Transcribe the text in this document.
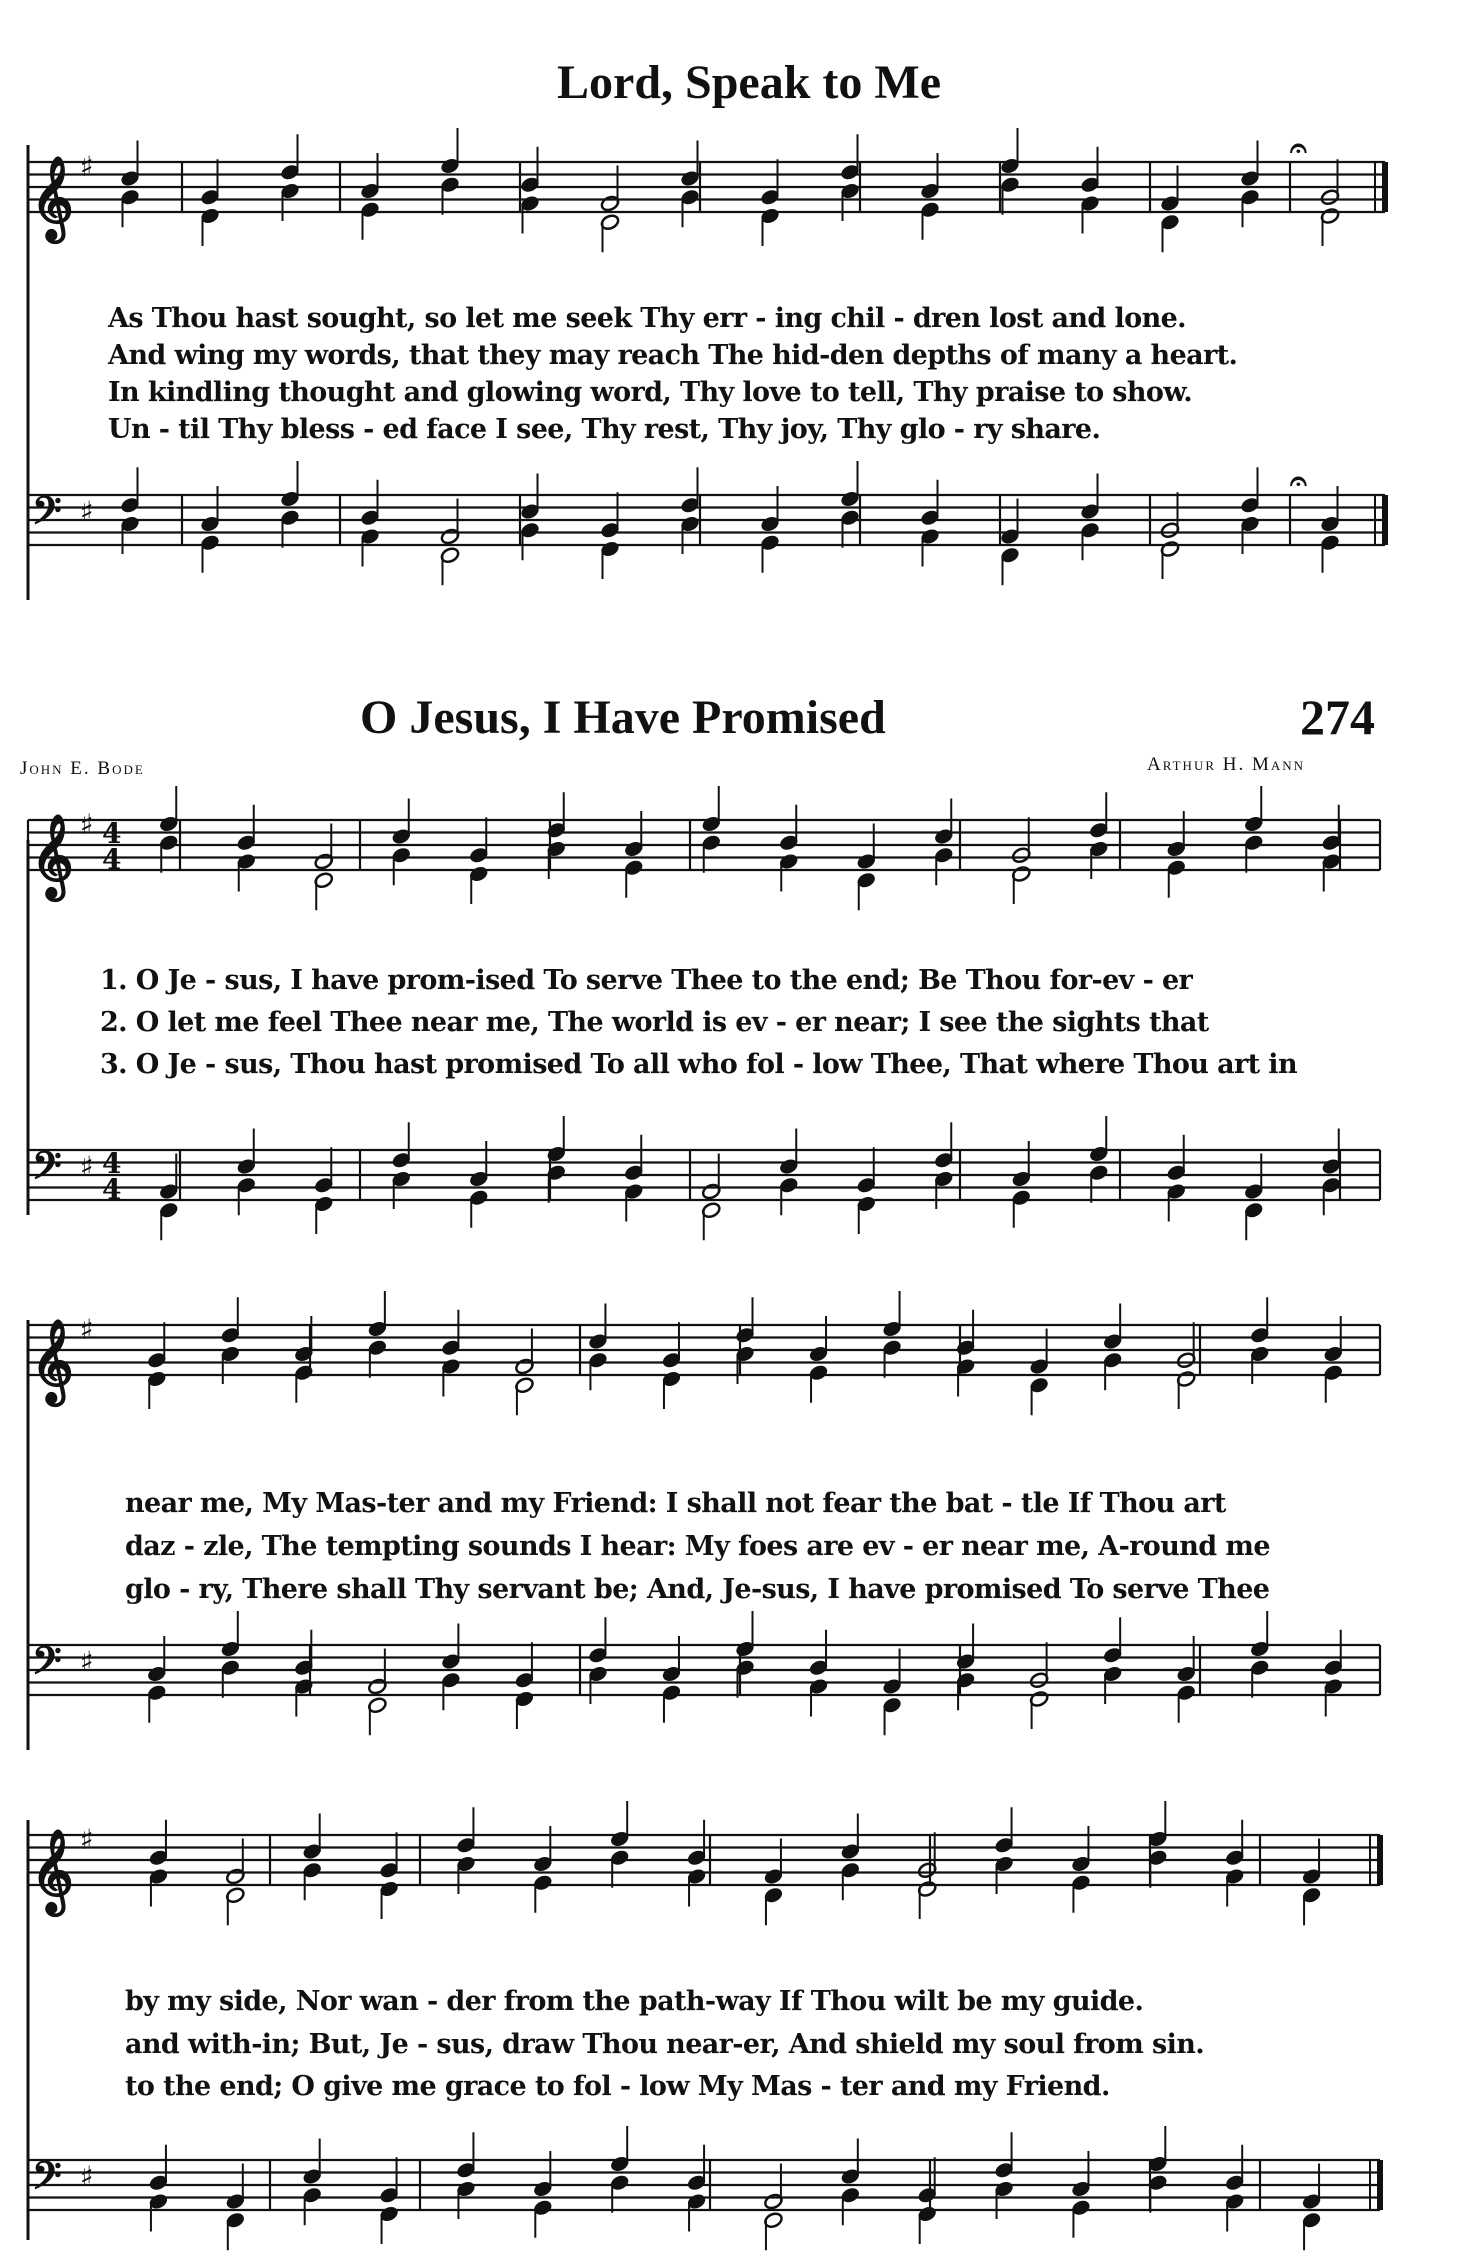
Lord, Speak to Me
𝄞 ♯
𝄢 ♯
𝄞 ♯ 4
4
𝄢 ♯ 4
4
𝄞 ♯
𝄢 ♯
𝄞 ♯
𝄢 ♯
𝄐
𝄐
As Thou hast sought, so let me seek Thy err - ing chil - dren lost and lone.
And wing my words, that they may reach The hid-den depths of many a heart.
In kindling thought and glowing word, Thy love to tell, Thy praise to show.
Un - til Thy bless - ed face I see, Thy rest, Thy joy, Thy glo - ry share.
O Jesus, I Have Promised	274
John E. Bode	Arthur H. Mann
1. O Je - sus, I have prom-ised To serve Thee to the end; Be Thou for-ev - er
2. O let me feel Thee near me, The world is ev - er near; I see the sights that
3. O Je - sus, Thou hast promised To all who fol - low Thee, That where Thou art in
near me, My Mas-ter and my Friend: I shall not fear the bat - tle If Thou art
daz - zle, The tempting sounds I hear: My foes are ev - er near me, A-round me
glo - ry, There shall Thy servant be; And, Je-sus, I have promised To serve Thee
by my side, Nor wan - der from the path-way If Thou wilt be my guide.
and with-in; But, Je - sus, draw Thou near-er, And shield my soul from sin.
to the end; O give me grace to fol - low My Mas - ter and my Friend.
